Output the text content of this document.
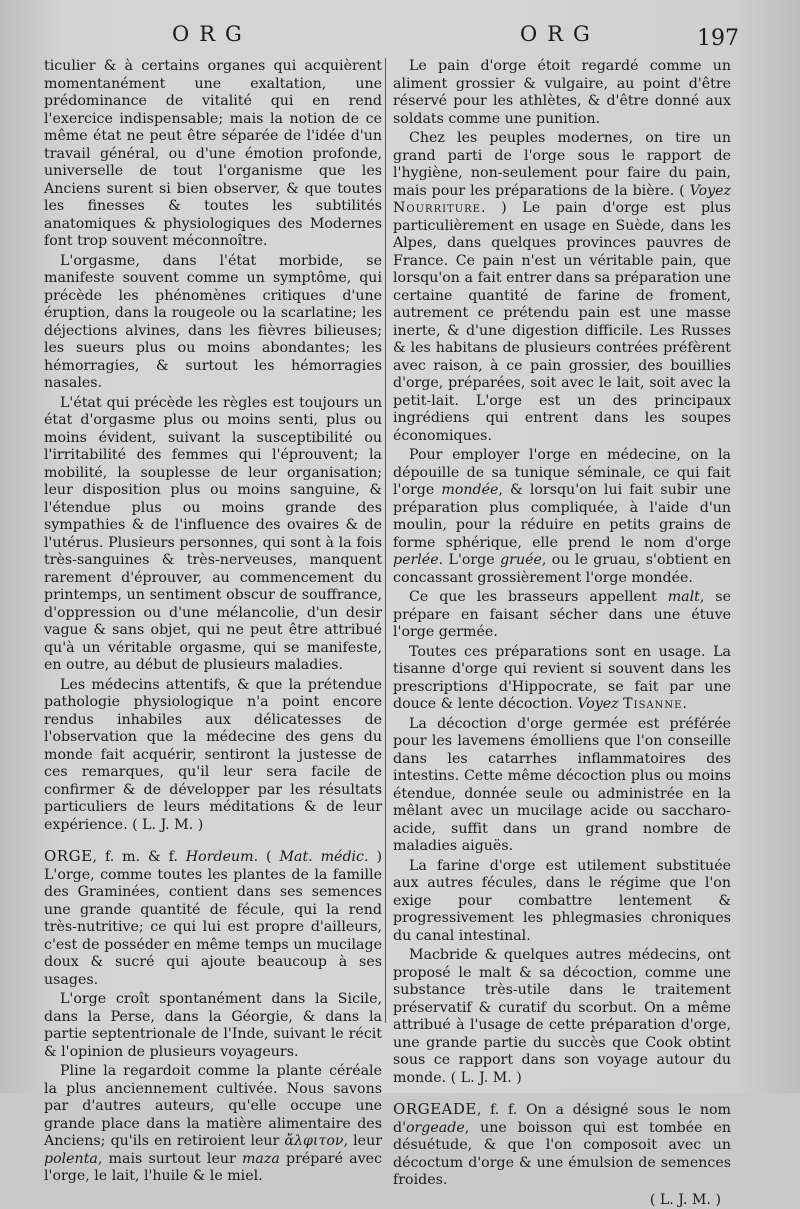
ORG	ORG	197

ticulier & à certains organes qui acquièrent momentanément une exaltation, une prédominance de vitalité qui en rend l'exercice indispensable; mais la notion de ce même état ne peut être séparée de l'idée d'un travail général, ou d'une émotion profonde, universelle de tout l'organisme que les Anciens surent si bien observer, & que toutes les finesses & toutes les subtilités anatomiques & physiologiques des Modernes font trop souvent méconnoître.

L'orgasme, dans l'état morbide, se manifeste souvent comme un symptôme, qui précède les phénomènes critiques d'une éruption, dans la rougeole ou la scarlatine; les déjections alvines, dans les fièvres bilieuses; les sueurs plus ou moins abondantes; les hémorragies, & surtout les hémorragies nasales.

L'état qui précède les règles est toujours un état d'orgasme plus ou moins senti, plus ou moins évident, suivant la susceptibilité ou l'irritabilité des femmes qui l'éprouvent; la mobilité, la souplesse de leur organisation; leur disposition plus ou moins sanguine, & l'étendue plus ou moins grande des sympathies & de l'influence des ovaires & de l'utérus. Plusieurs personnes, qui sont à la fois très-sanguines & très-nerveuses, manquent rarement d'éprouver, au commencement du printemps, un sentiment obscur de souffrance, d'oppression ou d'une mélancolie, d'un desir vague & sans objet, qui ne peut être attribué qu'à un véritable orgasme, qui se manifeste, en outre, au début de plusieurs maladies.

Les médecins attentifs, & que la prétendue pathologie physiologique n'a point encore rendus inhabiles aux délicatesses de l'observation que la médecine des gens du monde fait acquérir, sentiront la justesse de ces remarques, qu'il leur sera facile de confirmer & de développer par les résultats particuliers de leurs méditations & de leur expérience. ( L. J. M. )

ORGE, f. m. & f. Hordeum. ( Mat. médic. ) L'orge, comme toutes les plantes de la famille des Graminées, contient dans ses semences une grande quantité de fécule, qui la rend très-nutritive; ce qui lui est propre d'ailleurs, c'est de posséder en même temps un mucilage doux & sucré qui ajoute beaucoup à ses usages.

L'orge croît spontanément dans la Sicile, dans la Perse, dans la Géorgie, & dans la partie septentrionale de l'Inde, suivant le récit & l'opinion de plusieurs voyageurs.

Pline la regardoit comme la plante céréale la plus anciennement cultivée. Nous savons par d'autres auteurs, qu'elle occupe une grande place dans la matière alimentaire des Anciens; qu'ils en retiroient leur ἄλφιτον, leur polenta, mais surtout leur maza préparé avec l'orge, le lait, l'huile & le miel.

Le pain d'orge étoit regardé comme un aliment grossier & vulgaire, au point d'être réservé pour les athlètes, & d'être donné aux soldats comme une punition.

Chez les peuples modernes, on tire un grand parti de l'orge sous le rapport de l'hygiène, non-seulement pour faire du pain, mais pour les préparations de la bière. ( Voyez Nourriture. ) Le pain d'orge est plus particulièrement en usage en Suède, dans les Alpes, dans quelques provinces pauvres de France. Ce pain n'est un véritable pain, que lorsqu'on a fait entrer dans sa préparation une certaine quantité de farine de froment, autrement ce prétendu pain est une masse inerte, & d'une digestion difficile. Les Russes & les habitans de plusieurs contrées préfèrent avec raison, à ce pain grossier, des bouillies d'orge, préparées, soit avec le lait, soit avec la petit-lait. L'orge est un des principaux ingrédiens qui entrent dans les soupes économiques.

Pour employer l'orge en médecine, on la dépouille de sa tunique séminale, ce qui fait l'orge mondée, & lorsqu'on lui fait subir une préparation plus compliquée, à l'aide d'un moulin, pour la réduire en petits grains de forme sphérique, elle prend le nom d'orge perlée. L'orge gruée, ou le gruau, s'obtient en concassant grossièrement l'orge mondée.

Ce que les brasseurs appellent malt, se prépare en faisant sécher dans une étuve l'orge germée.

Toutes ces préparations sont en usage. La tisanne d'orge qui revient si souvent dans les prescriptions d'Hippocrate, se fait par une douce & lente décoction. Voyez Tisanne.

La décoction d'orge germée est préférée pour les lavemens émolliens que l'on conseille dans les catarrhes inflammatoires des intestins. Cette même décoction plus ou moins étendue, donnée seule ou administrée en la mêlant avec un mucilage acide ou saccharo-acide, suffit dans un grand nombre de maladies aiguës.

La farine d'orge est utilement substituée aux autres fécules, dans le régime que l'on exige pour combattre lentement & progressivement les phlegmasies chroniques du canal intestinal.

Macbride & quelques autres médecins, ont proposé le malt & sa décoction, comme une substance très-utile dans le traitement préservatif & curatif du scorbut. On a même attribué à l'usage de cette préparation d'orge, une grande partie du succès que Cook obtint sous ce rapport dans son voyage autour du monde. ( L. J. M. )

ORGEADE, f. f. On a désigné sous le nom d'orgeade, une boisson qui est tombée en désuétude, & que l'on composoit avec un décoctum d'orge & une émulsion de semences froides.

( L. J. M. )
